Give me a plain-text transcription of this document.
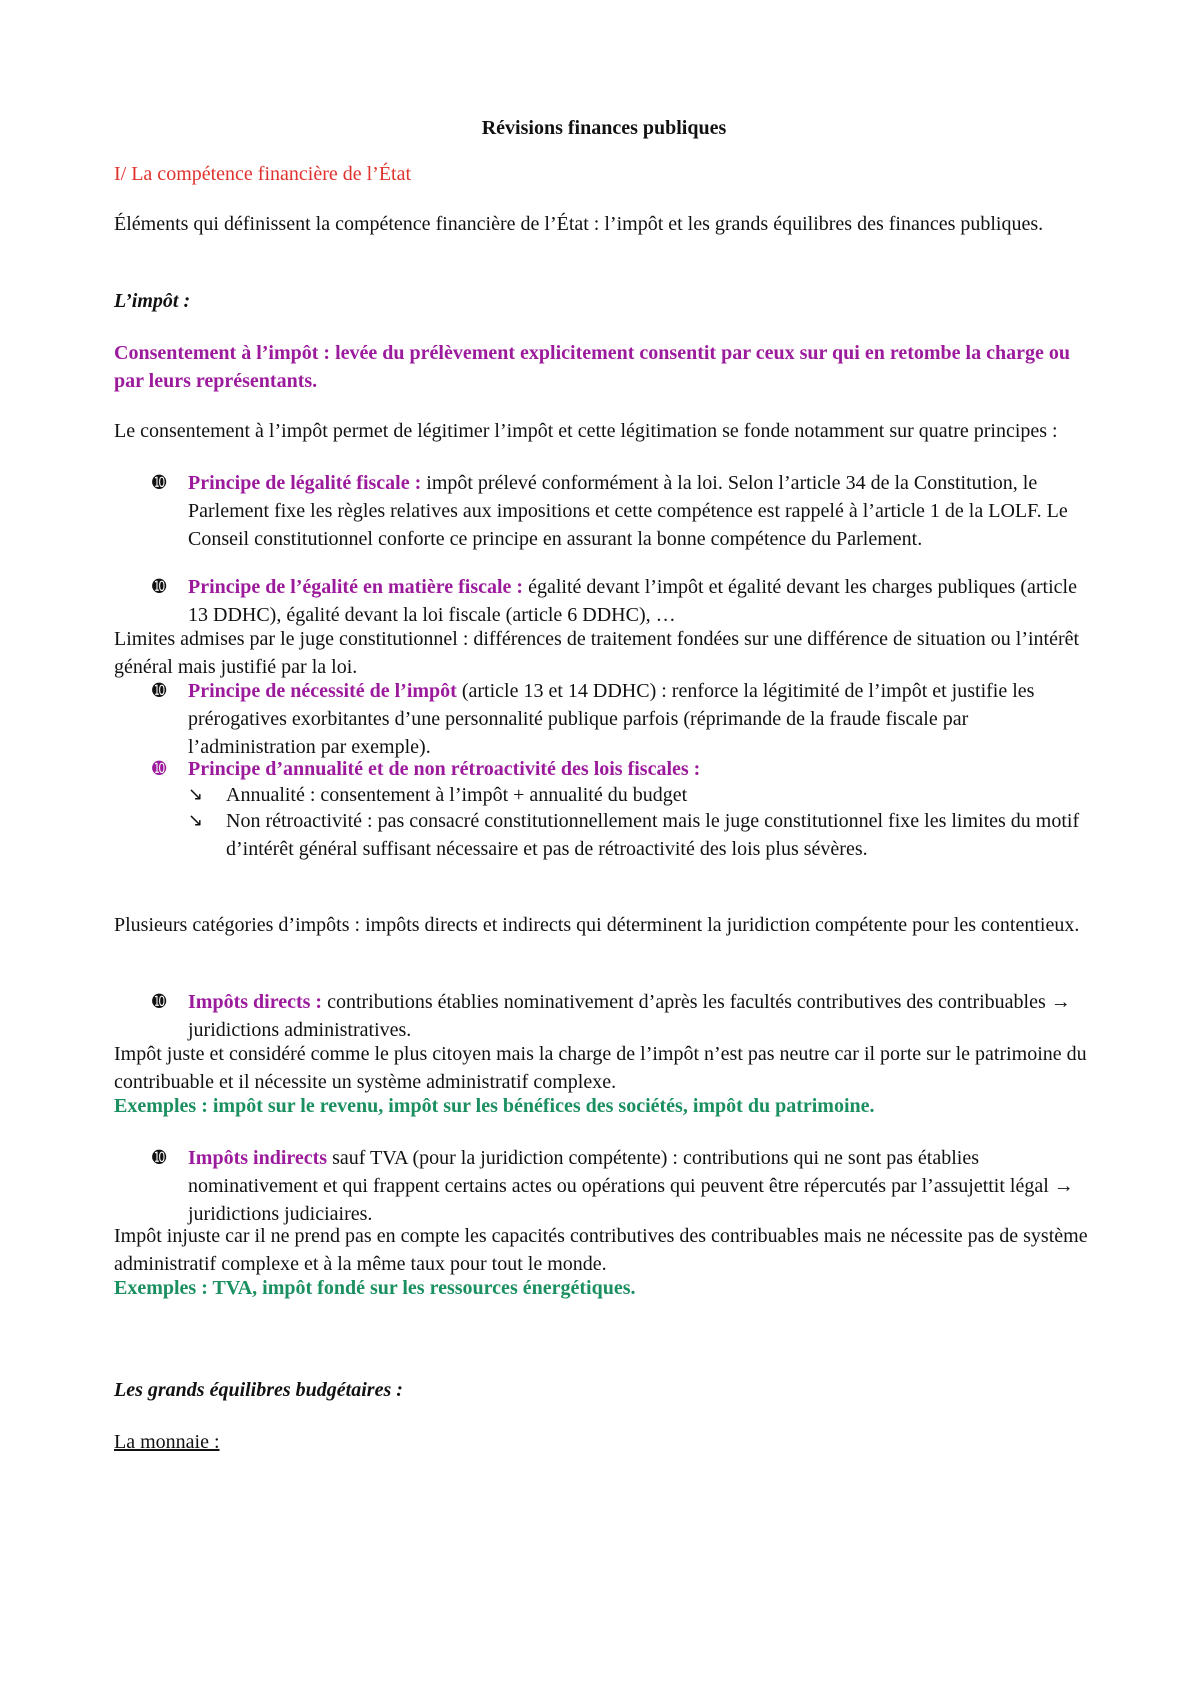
Révisions finances publiques
I/ La compétence financière de l’État
Éléments qui définissent la compétence financière de l’État : l’impôt et les grands équilibres des finances publiques.
L’impôt :
Consentement à l’impôt : levée du prélèvement explicitement consentit par ceux sur qui en retombe la charge ou par leurs représentants.
Le consentement à l’impôt permet de légitimer l’impôt et cette légitimation se fonde notamment sur quatre principes :
➓ Principe de légalité fiscale : impôt prélevé conformément à la loi. Selon l’article 34 de la Constitution, le Parlement fixe les règles relatives aux impositions et cette compétence est rappelé à l’article 1 de la LOLF. Le Conseil constitutionnel conforte ce principe en assurant la bonne compétence du Parlement.
➓ Principe de l’égalité en matière fiscale : égalité devant l’impôt et égalité devant les charges publiques (article 13 DDHC), égalité devant la loi fiscale (article 6 DDHC), …
Limites admises par le juge constitutionnel : différences de traitement fondées sur une différence de situation ou l’intérêt général mais justifié par la loi.
➓ Principe de nécessité de l’impôt (article 13 et 14 DDHC) : renforce la légitimité de l’impôt et justifie les prérogatives exorbitantes d’une personnalité publique parfois (réprimande de la fraude fiscale par l’administration par exemple).
➓ Principe d’annualité et de non rétroactivité des lois fiscales :
↘ Annualité : consentement à l’impôt + annualité du budget
↘ Non rétroactivité : pas consacré constitutionnellement mais le juge constitutionnel fixe les limites du motif d’intérêt général suffisant nécessaire et pas de rétroactivité des lois plus sévères.
Plusieurs catégories d’impôts : impôts directs et indirects qui déterminent la juridiction compétente pour les contentieux.
➓ Impôts directs : contributions établies nominativement d’après les facultés contributives des contribuables → juridictions administratives.
Impôt juste et considéré comme le plus citoyen mais la charge de l’impôt n’est pas neutre car il porte sur le patrimoine du contribuable et il nécessite un système administratif complexe.
Exemples : impôt sur le revenu, impôt sur les bénéfices des sociétés, impôt du patrimoine.
➓ Impôts indirects sauf TVA (pour la juridiction compétente) : contributions qui ne sont pas établies nominativement et qui frappent certains actes ou opérations qui peuvent être répercutés par l’assujettit légal → juridictions judiciaires.
Impôt injuste car il ne prend pas en compte les capacités contributives des contribuables mais ne nécessite pas de système administratif complexe et à la même taux pour tout le monde.
Exemples : TVA, impôt fondé sur les ressources énergétiques.
Les grands équilibres budgétaires :
La monnaie :
